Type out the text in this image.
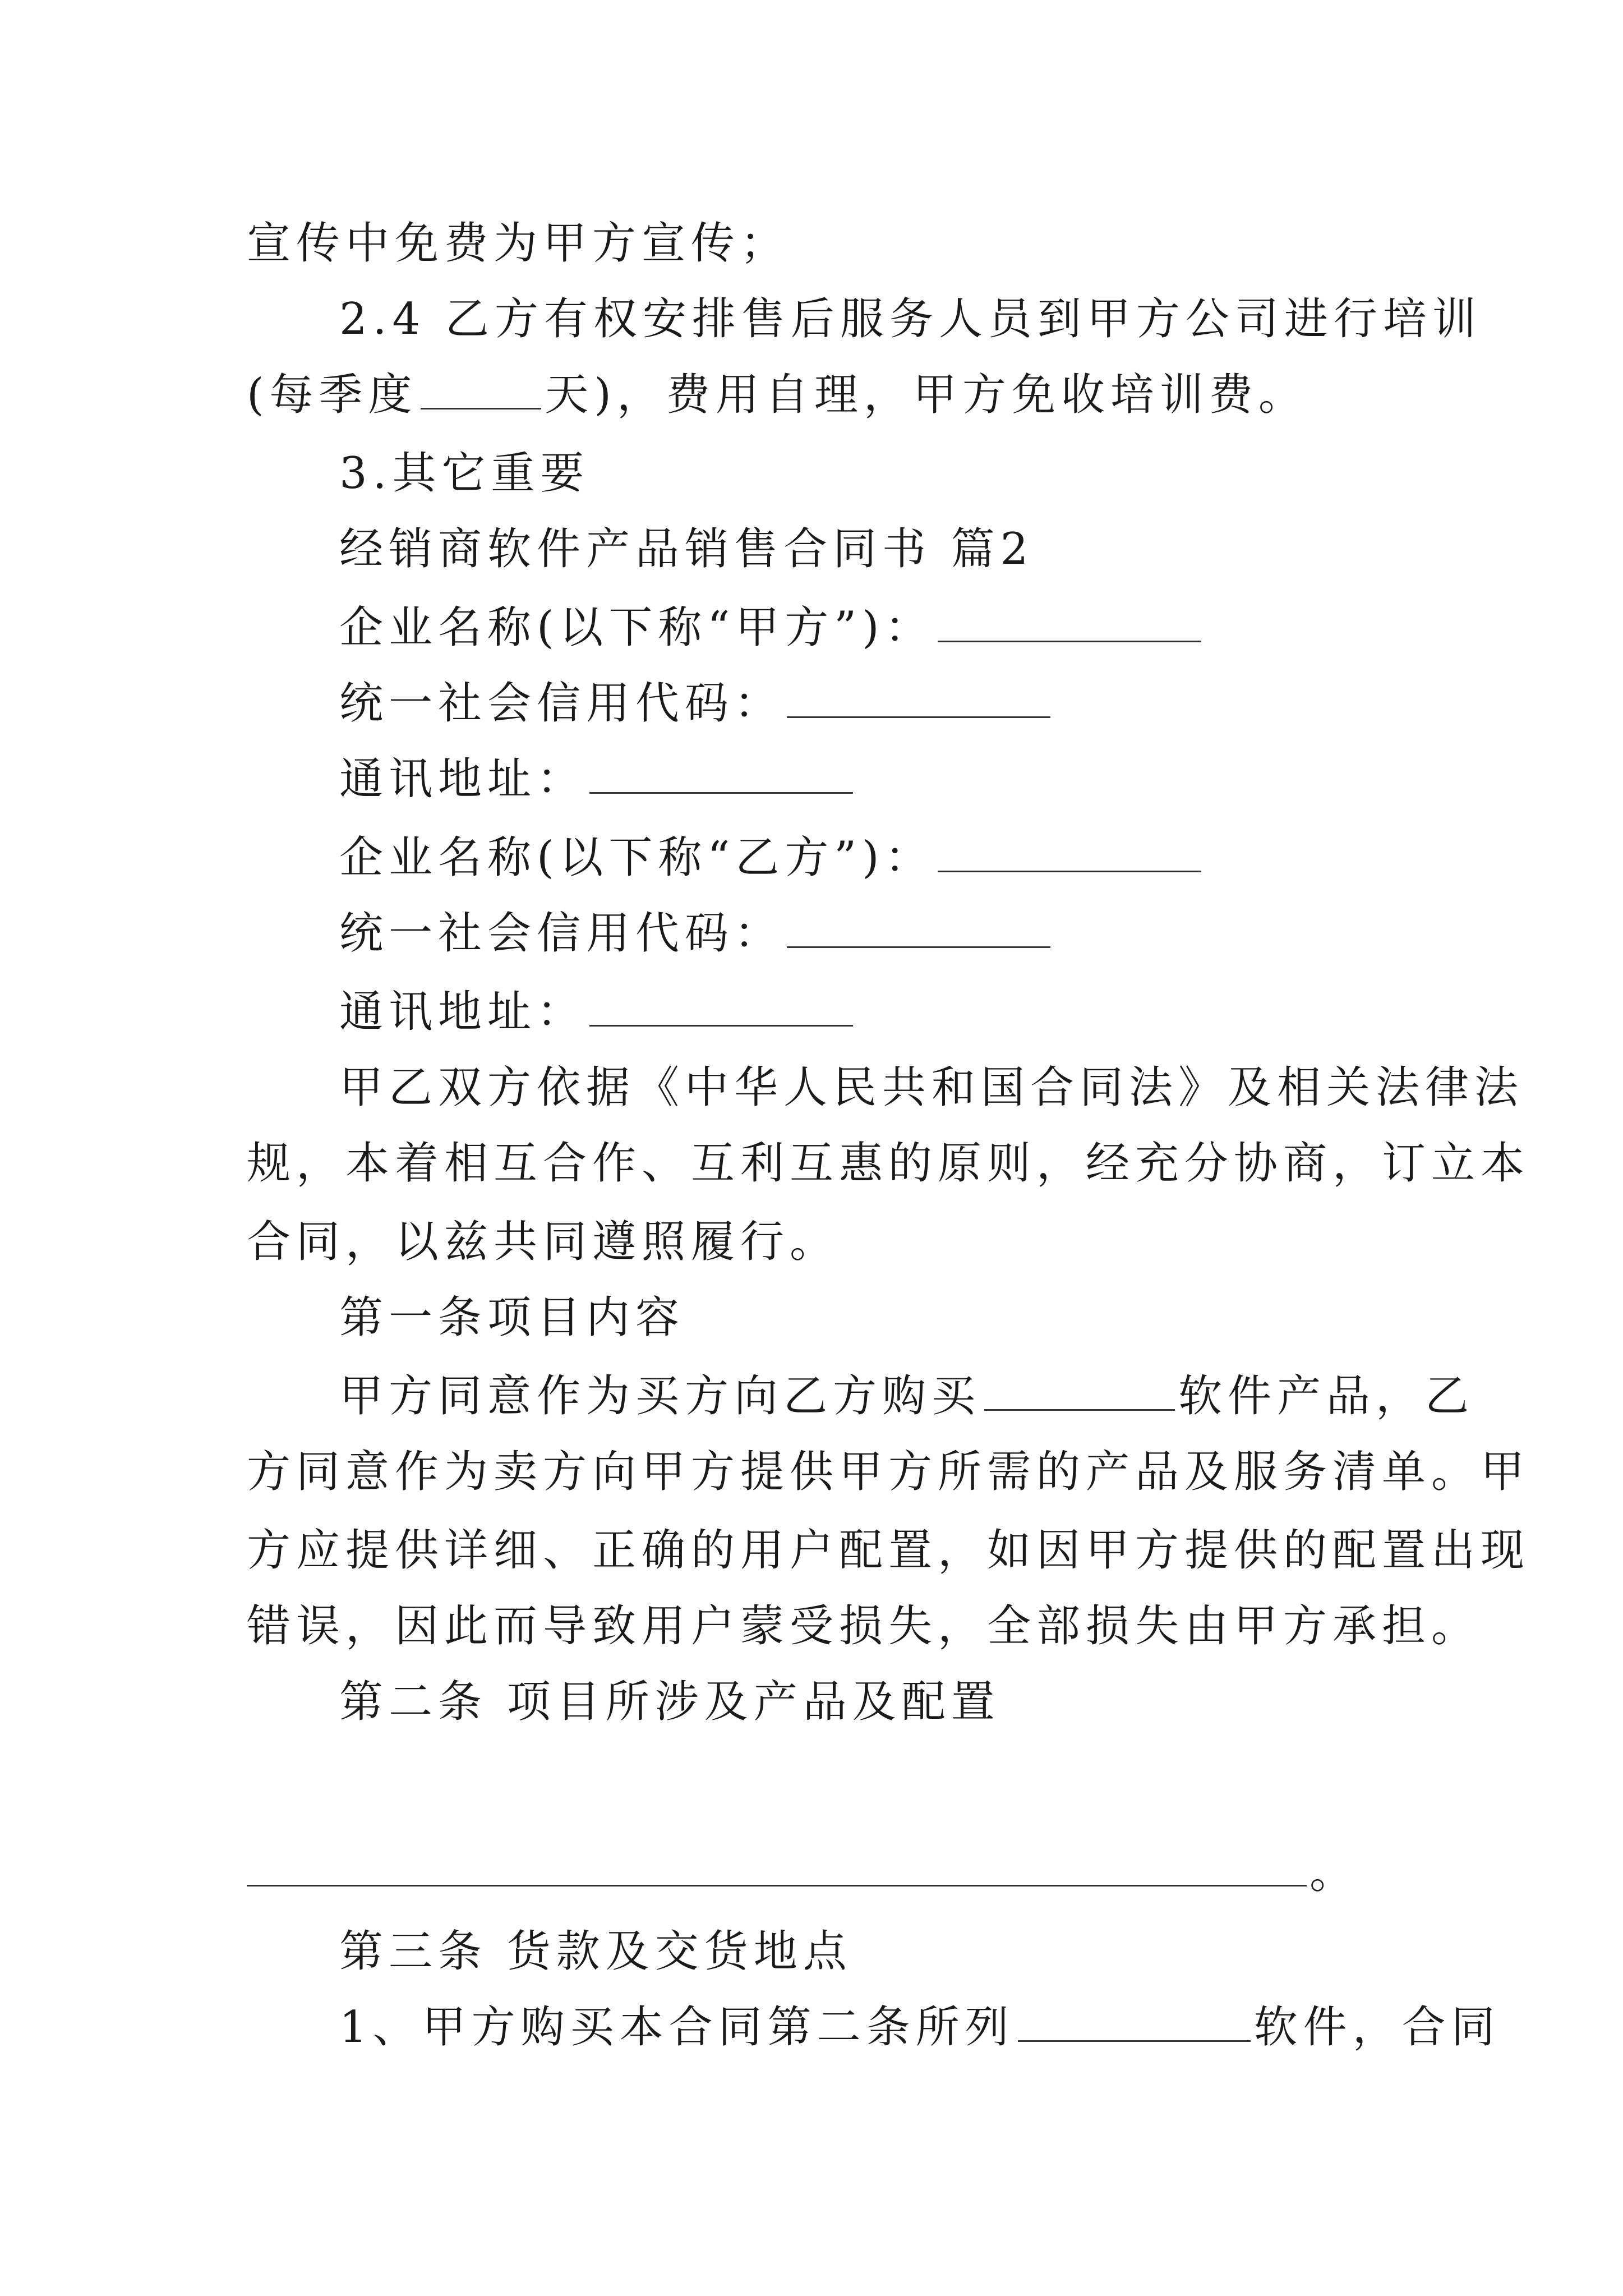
宣传中免费为甲方宣传；
2.4 乙方有权安排售后服务人员到甲方公司进行培训
(每季度	天)，费用自理，甲方免收培训费。
3.其它重要
经销商软件产品销售合同书 篇2
企业名称(以下称“甲方”)：
统一社会信用代码：
通讯地址：
企业名称(以下称“乙方”)：
统一社会信用代码：
通讯地址：
甲乙双方依据《中华人民共和国合同法》及相关法律法
规，本着相互合作、互利互惠的原则，经充分协商，订立本
合同，以兹共同遵照履行。
第一条项目内容
甲方同意作为买方向乙方购买	软件产品，乙
方同意作为卖方向甲方提供甲方所需的产品及服务清单。甲
方应提供详细、正确的用户配置，如因甲方提供的配置出现
错误，因此而导致用户蒙受损失，全部损失由甲方承担。
第二条 项目所涉及产品及配置
。
第三条 货款及交货地点
1、甲方购买本合同第二条所列	软件，合同
